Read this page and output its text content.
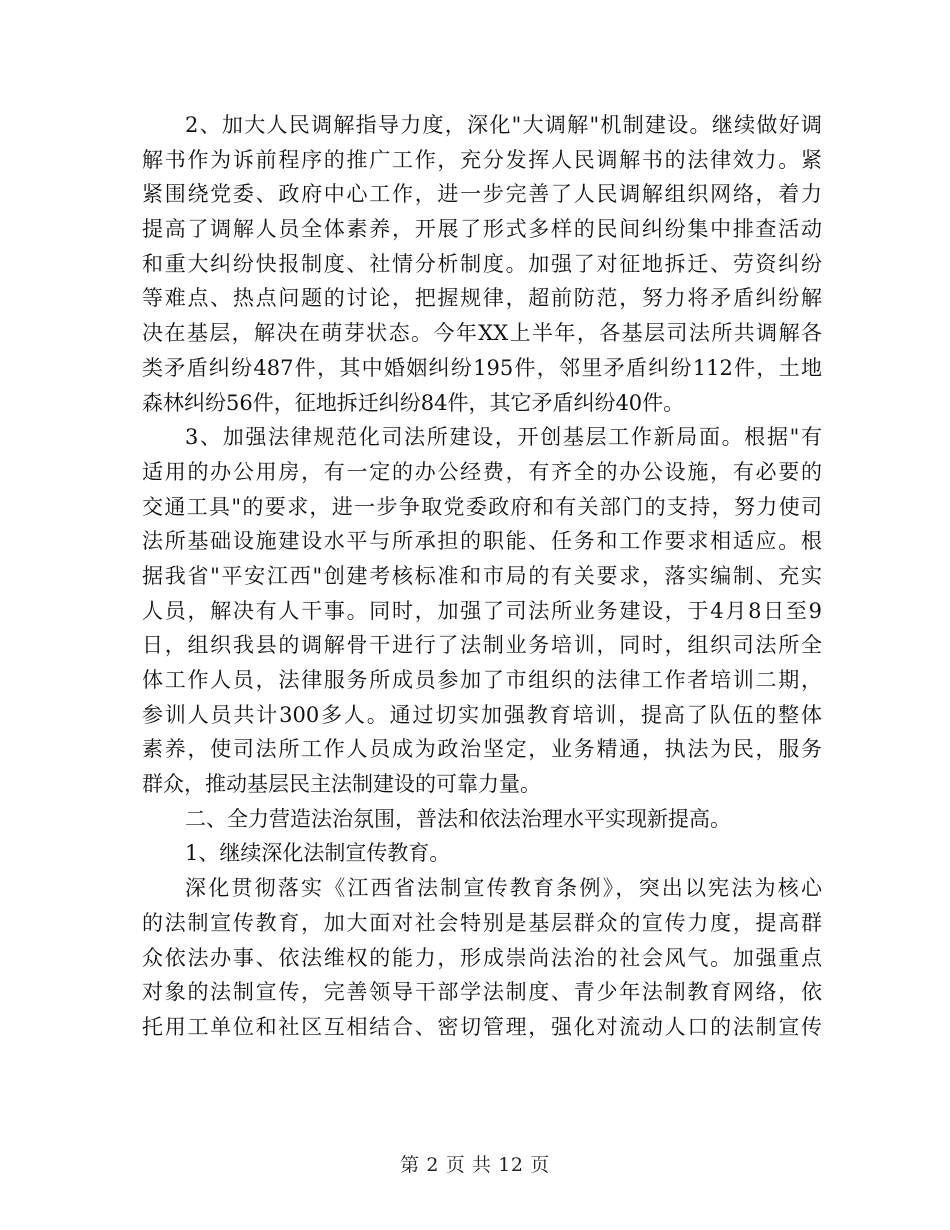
2、加大人民调解指导力度，深化"大调解"机制建设。继续做好调
解书作为诉前程序的推广工作，充分发挥人民调解书的法律效力。紧
紧围绕党委、政府中心工作，进一步完善了人民调解组织网络，着力
提高了调解人员全体素养，开展了形式多样的民间纠纷集中排查活动
和重大纠纷快报制度、社情分析制度。加强了对征地拆迁、劳资纠纷
等难点、热点问题的讨论，把握规律，超前防范，努力将矛盾纠纷解
决在基层，解决在萌芽状态。今年XX上半年，各基层司法所共调解各
类矛盾纠纷487件，其中婚姻纠纷195件，邻里矛盾纠纷112件，土地
森林纠纷56件，征地拆迁纠纷84件，其它矛盾纠纷40件。
3、加强法律规范化司法所建设，开创基层工作新局面。根据"有
适用的办公用房，有一定的办公经费，有齐全的办公设施，有必要的
交通工具"的要求，进一步争取党委政府和有关部门的支持，努力使司
法所基础设施建设水平与所承担的职能、任务和工作要求相适应。根
据我省"平安江西"创建考核标准和市局的有关要求，落实编制、充实
人员，解决有人干事。同时，加强了司法所业务建设，于4月8日至9
日，组织我县的调解骨干进行了法制业务培训，同时，组织司法所全
体工作人员，法律服务所成员参加了市组织的法律工作者培训二期，
参训人员共计300多人。通过切实加强教育培训，提高了队伍的整体
素养，使司法所工作人员成为政治坚定，业务精通，执法为民，服务
群众，推动基层民主法制建设的可靠力量。
二、全力营造法治氛围，普法和依法治理水平实现新提高。
1、继续深化法制宣传教育。
深化贯彻落实《江西省法制宣传教育条例》，突出以宪法为核心
的法制宣传教育，加大面对社会特别是基层群众的宣传力度，提高群
众依法办事、依法维权的能力，形成崇尚法治的社会风气。加强重点
对象的法制宣传，完善领导干部学法制度、青少年法制教育网络，依
托用工单位和社区互相结合、密切管理，强化对流动人口的法制宣传
第 2 页 共 12 页
